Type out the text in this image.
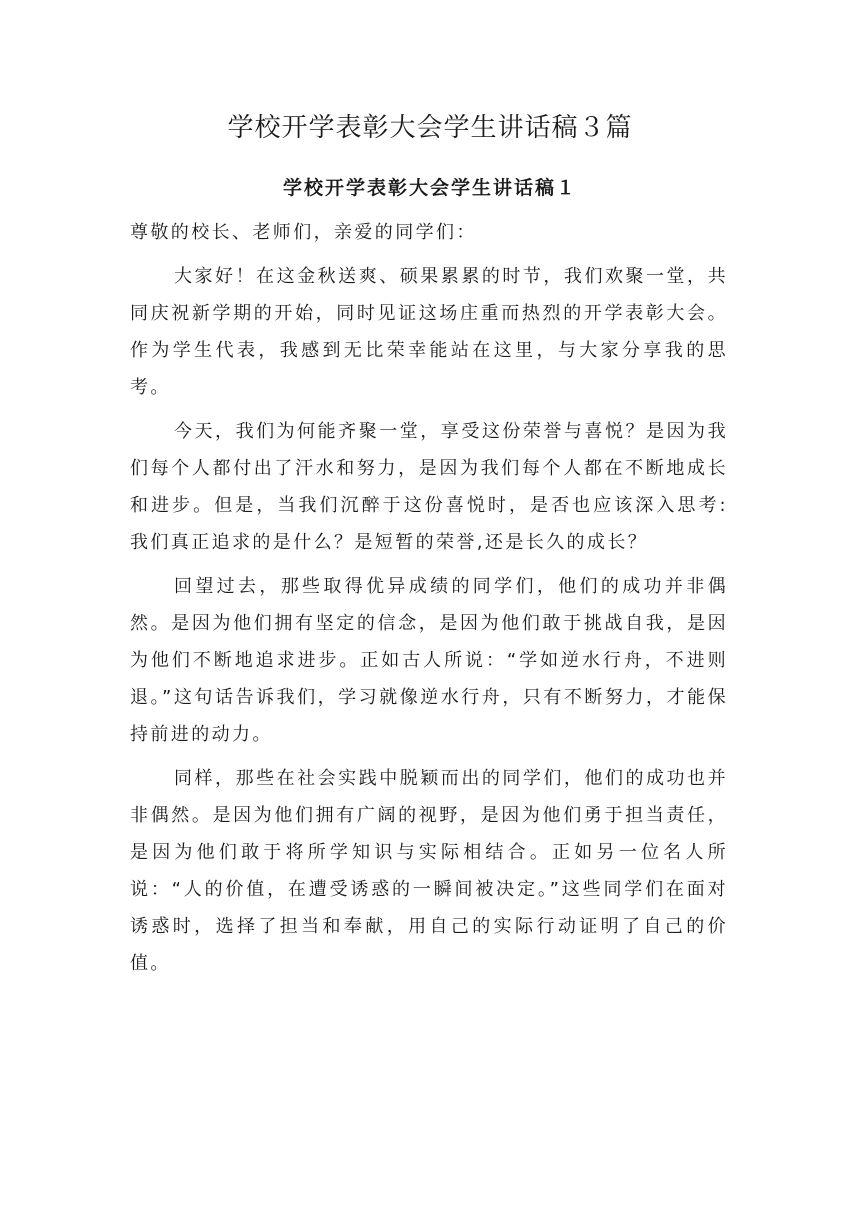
学校开学表彰大会学生讲话稿３篇
学校开学表彰大会学生讲话稿１

尊敬的校长、老师们，亲爱的同学们：

大家好！在这金秋送爽、硕果累累的时节，我们欢聚一堂，共同庆祝新学期的开始，同时见证这场庄重而热烈的开学表彰大会。作为学生代表，我感到无比荣幸能站在这里，与大家分享我的思考。

今天，我们为何能齐聚一堂，享受这份荣誉与喜悦？是因为我们每个人都付出了汗水和努力，是因为我们每个人都在不断地成长和进步。但是，当我们沉醉于这份喜悦时，是否也应该深入思考:我们真正追求的是什么？是短暂的荣誉,还是长久的成长？

回望过去，那些取得优异成绩的同学们，他们的成功并非偶然。是因为他们拥有坚定的信念，是因为他们敢于挑战自我，是因为他们不断地追求进步。正如古人所说：“学如逆水行舟，不进则退。”这句话告诉我们，学习就像逆水行舟，只有不断努力，才能保持前进的动力。

同样，那些在社会实践中脱颖而出的同学们，他们的成功也并非偶然。是因为他们拥有广阔的视野，是因为他们勇于担当责任，是因为他们敢于将所学知识与实际相结合。正如另一位名人所说：“人的价值，在遭受诱惑的一瞬间被决定。”这些同学们在面对诱惑时，选择了担当和奉献，用自己的实际行动证明了自己的价值。
